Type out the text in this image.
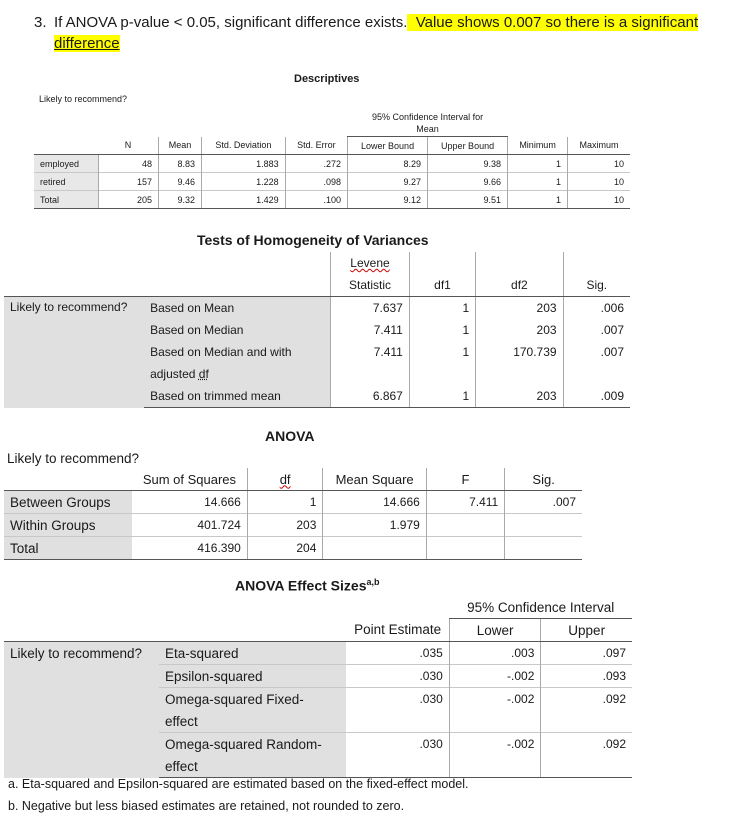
3. If ANOVA p-value < 0.05, significant difference exists.  Value shows 0.007 so there is a significant
difference
Descriptives
Likely to recommend?
					95% Confidence Interval for
Mean			
	N	Mean	Std. Deviation	Std. Error	Lower Bound	Upper Bound	Minimum	Maximum
employed	48	8.83	1.883	.272	8.29	9.38	1	10
retired	157	9.46	1.228	.098	9.27	9.66	1	10
Total	205	9.32	1.429	.100	9.12	9.51	1	10
Tests of Homogeneity of Variances
		Levene			
		Statistic	df1	df2	Sig.
Likely to recommend?	Based on Mean	7.637	1	203	.006
	Based on Median	7.411	1	203	.007
	Based on Median and with	7.411	1	170.739	.007
	adjusted df				
	Based on trimmed mean	6.867	1	203	.009
ANOVA
Likely to recommend?
	Sum of Squares	df	Mean Square	F	Sig.
Between Groups	14.666	1	14.666	7.411	.007
Within Groups	401.724	203	1.979		
Total	416.390	204			
ANOVA Effect Sizes$^{a,b}$
			95% Confidence Interval	
		Point Estimate	Lower	Upper
Likely to recommend?	Eta-squared	.035	.003	.097
	Epsilon-squared	.030	-.002	.093
	Omega-squared Fixed-	.030	-.002	.092
	effect			
	Omega-squared Random-	.030	-.002	.092
	effect			
a. Eta-squared and Epsilon-squared are estimated based on the fixed-effect model.
b. Negative but less biased estimates are retained, not rounded to zero.
